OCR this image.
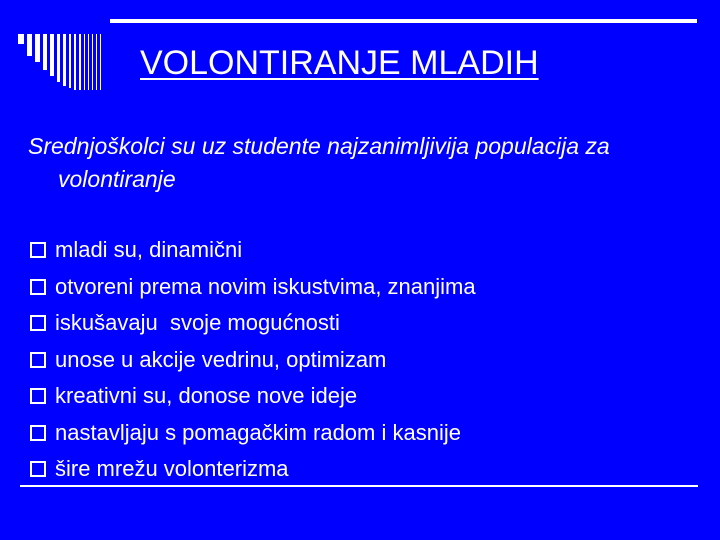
VOLONTIRANJE MLADIH
Srednjoškolci su uz studente najzanimljivija populacija za volontiranje
mladi su, dinamični
otvoreni prema novim iskustvima, znanjima
iskušavaju  svoje mogućnosti
unose u akcije vedrinu, optimizam
kreativni su, donose nove ideje
nastavljaju s pomagačkim radom i kasnije
šire mrežu volonterizma
